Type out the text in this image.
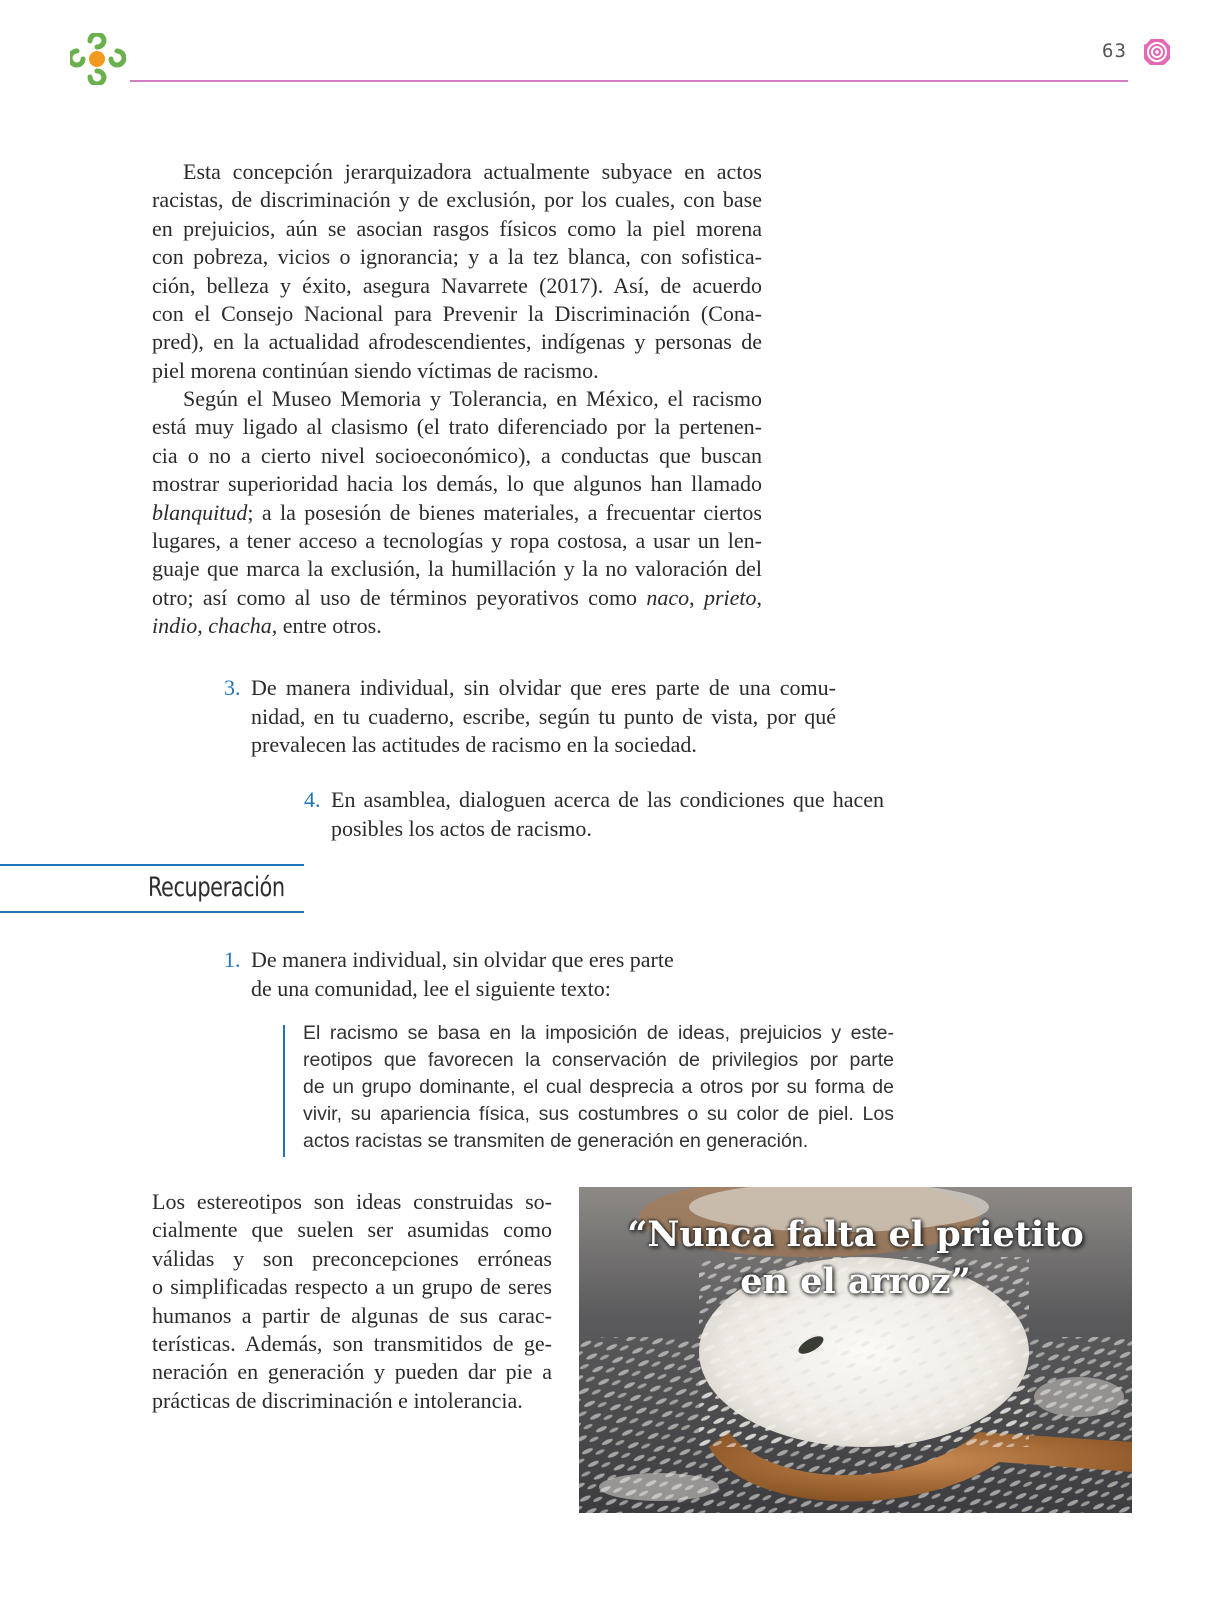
63
Esta concepción jerarquizadora actualmente subyace en actos
racistas, de discriminación y de exclusión, por los cuales, con base
en prejuicios, aún se asocian rasgos físicos como la piel morena
con pobreza, vicios o ignorancia; y a la tez blanca, con sofistica-
ción, belleza y éxito, asegura Navarrete (2017). Así, de acuerdo
con el Consejo Nacional para Prevenir la Discriminación (Cona-
pred), en la actualidad afrodescendientes, indígenas y personas de
piel morena continúan siendo víctimas de racismo.
Según el Museo Memoria y Tolerancia, en México, el racismo
está muy ligado al clasismo (el trato diferenciado por la pertenen-
cia o no a cierto nivel socioeconómico), a conductas que buscan
mostrar superioridad hacia los demás, lo que algunos han llamado
blanquitud; a la posesión de bienes materiales, a frecuentar ciertos
lugares, a tener acceso a tecnologías y ropa costosa, a usar un len-
guaje que marca la exclusión, la humillación y la no valoración del
otro; así como al uso de términos peyorativos como naco, prieto,
indio, chacha, entre otros.
3. De manera individual, sin olvidar que eres parte de una comu-
nidad, en tu cuaderno, escribe, según tu punto de vista, por qué
prevalecen las actitudes de racismo en la sociedad.
4. En asamblea, dialoguen acerca de las condiciones que hacen
posibles los actos de racismo.
Recuperación
1. De manera individual, sin olvidar que eres parte
de una comunidad, lee el siguiente texto:
El racismo se basa en la imposición de ideas, prejuicios y este-
reotipos que favorecen la conservación de privilegios por parte
de un grupo dominante, el cual desprecia a otros por su forma de
vivir, su apariencia física, sus costumbres o su color de piel. Los
actos racistas se transmiten de generación en generación.
Los estereotipos son ideas construidas so-
cialmente que suelen ser asumidas como
válidas y son preconcepciones erróneas
o simplificadas respecto a un grupo de seres
humanos a partir de algunas de sus carac-
terísticas. Además, son transmitidos de ge-
neración en generación y pueden dar pie a
prácticas de discriminación e intolerancia.
“Nunca falta el prietito
en el arroz”
